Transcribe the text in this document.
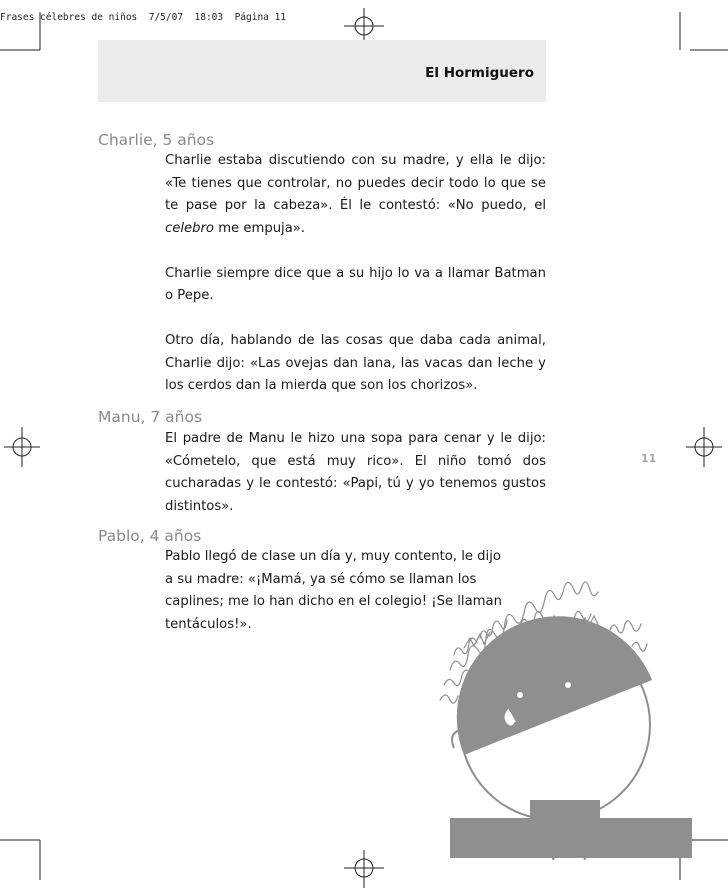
Frases célebres de niños 7/5/07 18:03 Página 11
El Hormiguero
Charlie, 5 años

Charlie estaba discutiendo con su madre, y ella le dijo: «Te tienes que controlar, no puedes decir todo lo que se te pase por la cabeza». Él le contestó: «No puedo, el celebro me empuja».

Charlie siempre dice que a su hijo lo va a llamar Batman o Pepe.

Otro día, hablando de las cosas que daba cada animal, Charlie dijo: «Las ovejas dan lana, las vacas dan leche y los cerdos dan la mierda que son los chorizos».

Manu, 7 años

El padre de Manu le hizo una sopa para cenar y le dijo: «Cómetelo, que está muy rico». El niño tomó dos cucharadas y le contestó: «Papi, tú y yo tenemos gustos distintos».

Pablo, 4 años

Pablo llegó de clase un día y, muy contento, le dijo a su madre: «¡Mamá, ya sé cómo se llaman los caplines; me lo han dicho en el colegio! ¡Se llaman tentáculos!».

11
